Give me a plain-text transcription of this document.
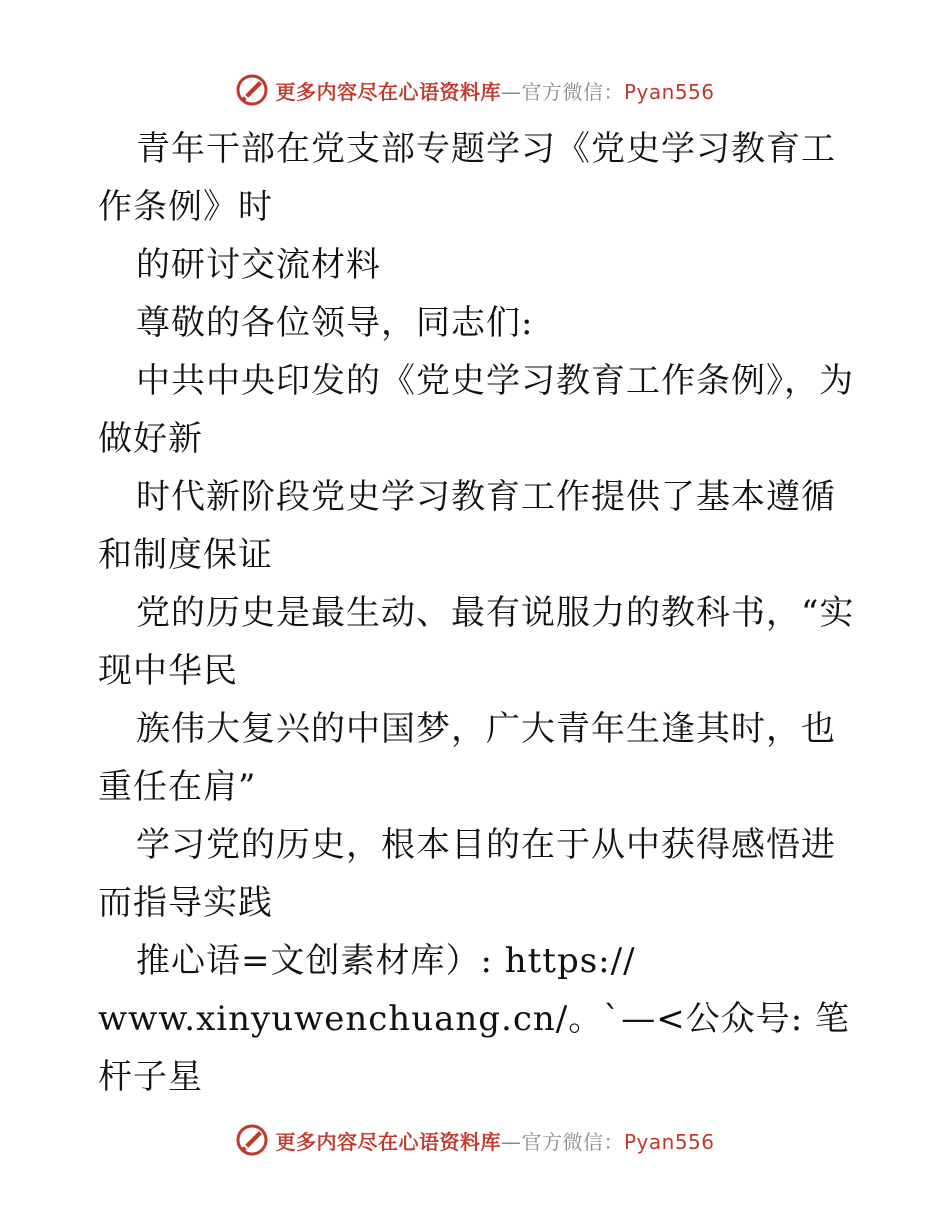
更多内容尽在心语资料库—官方微信：Pyan556

青年干部在党支部专题学习《党史学习教育工作条例》时

的研讨交流材料

尊敬的各位领导，同志们:

中共中央印发的《党史学习教育工作条例》，为做好新

时代新阶段党史学习教育工作提供了基本遵循和制度保证

党的历史是最生动、最有说服力的教科书，“实现中华民

族伟大复兴的中国梦，广大青年生逢其时，也重任在肩”

学习党的历史，根本目的在于从中获得感悟进而指导实践

推心语=文创素材库）: https://

www.xinyuwenchuang.cn/。`—<公众号: 笔杆子星

更多内容尽在心语资料库—官方微信：Pyan556
